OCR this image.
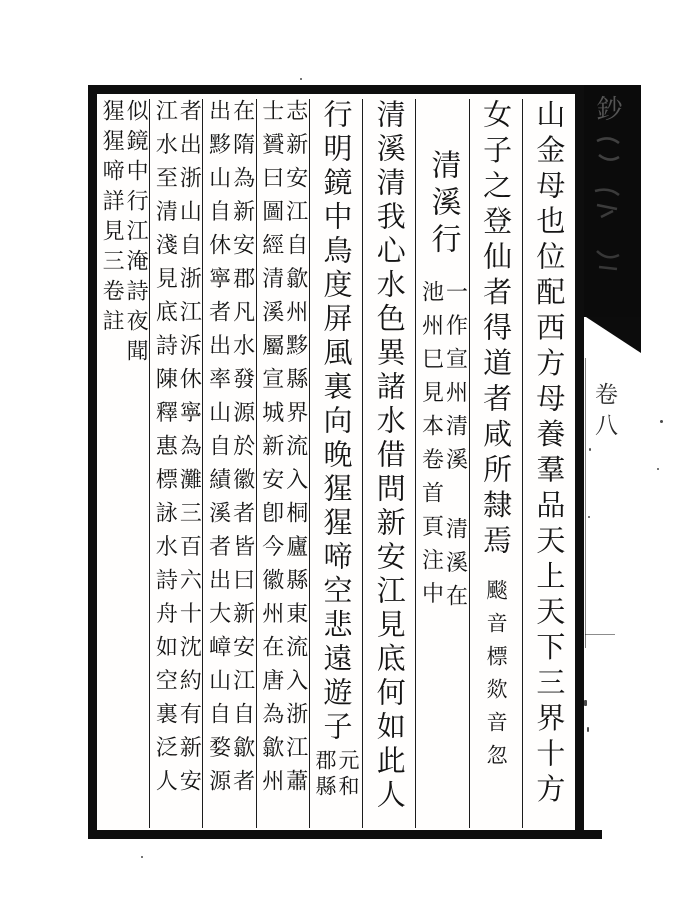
鈔
卷八
山金母也位配西方母養羣品天上天下三界十方
女子之登仙者得道者咸所隸焉
颷音標欻音忽
清溪行
一作宣州清溪清溪在
池州巳見本卷首頁注中
清溪清我心水色異諸水借問新安江見底何如此人
行明鏡中鳥度屏風裏向晚猩猩啼空悲遠遊子
元和
郡縣
志新安江自歙州黟縣界流入桐廬縣東流入浙江蕭
士贇曰圖經清溪屬宣城新安卽今徽州在唐為歙州
在隋為新安郡凡水發源於徽者皆曰新安江自歙者
出黟山自休寧者出率山自績溪者出大嶂山自婺源
者出浙山自浙江泝休寧為灘三百六十沈約有新安
江水至清淺見底詩陳釋惠標詠水詩舟如空裏泛人
似鏡中行江淹詩夜聞
猩猩啼詳見三卷註
